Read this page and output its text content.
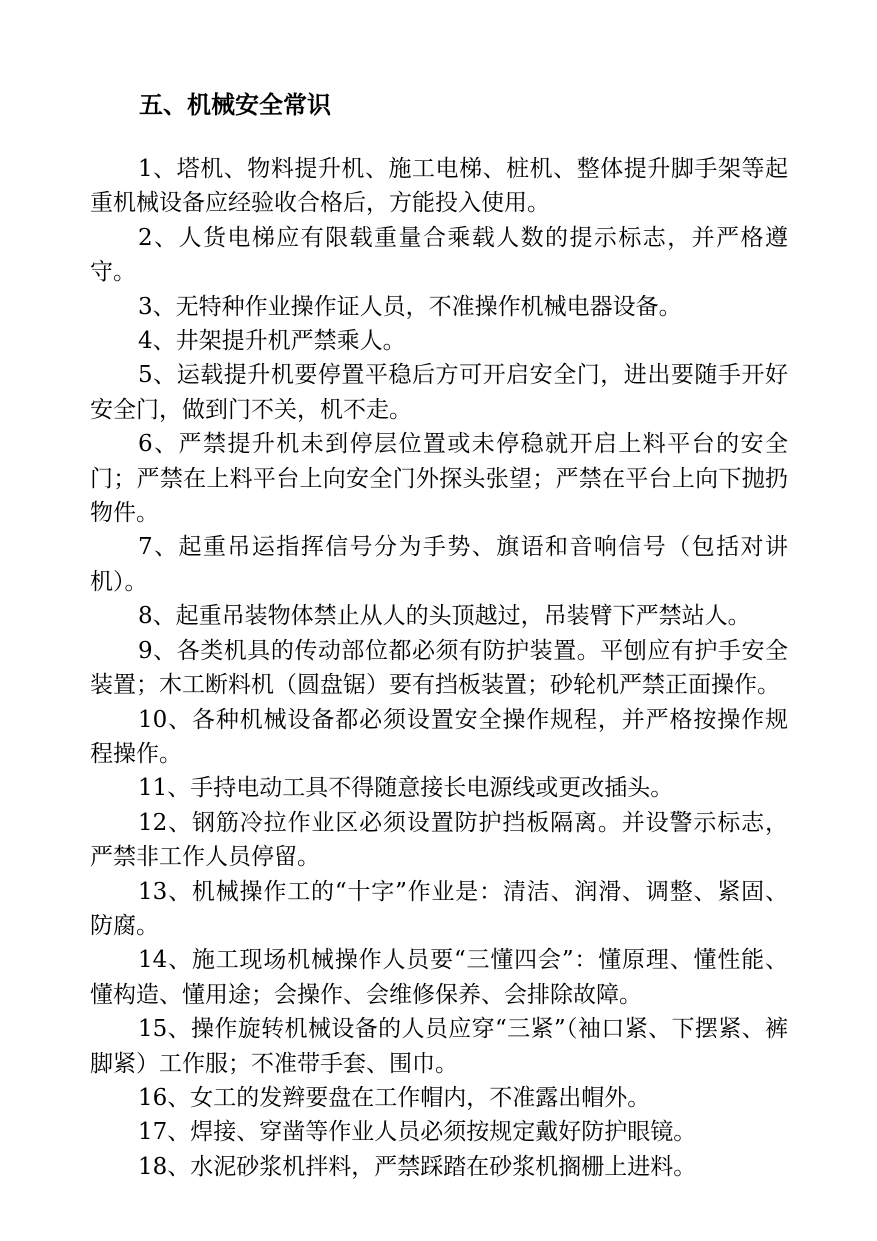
五、机械安全常识

1、塔机、物料提升机、施工电梯、桩机、整体提升脚手架等起重机械设备应经验收合格后，方能投入使用。

2、人货电梯应有限载重量合乘载人数的提示标志，并严格遵守。

3、无特种作业操作证人员，不准操作机械电器设备。

4、井架提升机严禁乘人。

5、运载提升机要停置平稳后方可开启安全门，进出要随手开好安全门，做到门不关，机不走。

6、严禁提升机未到停层位置或未停稳就开启上料平台的安全门；严禁在上料平台上向安全门外探头张望；严禁在平台上向下抛扔物件。

7、起重吊运指挥信号分为手势、旗语和音响信号（包括对讲机）。

8、起重吊装物体禁止从人的头顶越过，吊装臂下严禁站人。

9、各类机具的传动部位都必须有防护装置。平刨应有护手安全装置；木工断料机（圆盘锯）要有挡板装置；砂轮机严禁正面操作。

10、各种机械设备都必须设置安全操作规程，并严格按操作规程操作。

11、手持电动工具不得随意接长电源线或更改插头。

12、钢筋冷拉作业区必须设置防护挡板隔离。并设警示标志，严禁非工作人员停留。

13、机械操作工的“十字”作业是：清洁、润滑、调整、紧固、防腐。

14、施工现场机械操作人员要“三懂四会”：懂原理、懂性能、懂构造、懂用途；会操作、会维修保养、会排除故障。

15、操作旋转机械设备的人员应穿“三紧”（袖口紧、下摆紧、裤脚紧）工作服；不准带手套、围巾。

16、女工的发辫要盘在工作帽内，不准露出帽外。

17、焊接、穿凿等作业人员必须按规定戴好防护眼镜。

18、水泥砂浆机拌料，严禁踩踏在砂浆机搁栅上进料。
